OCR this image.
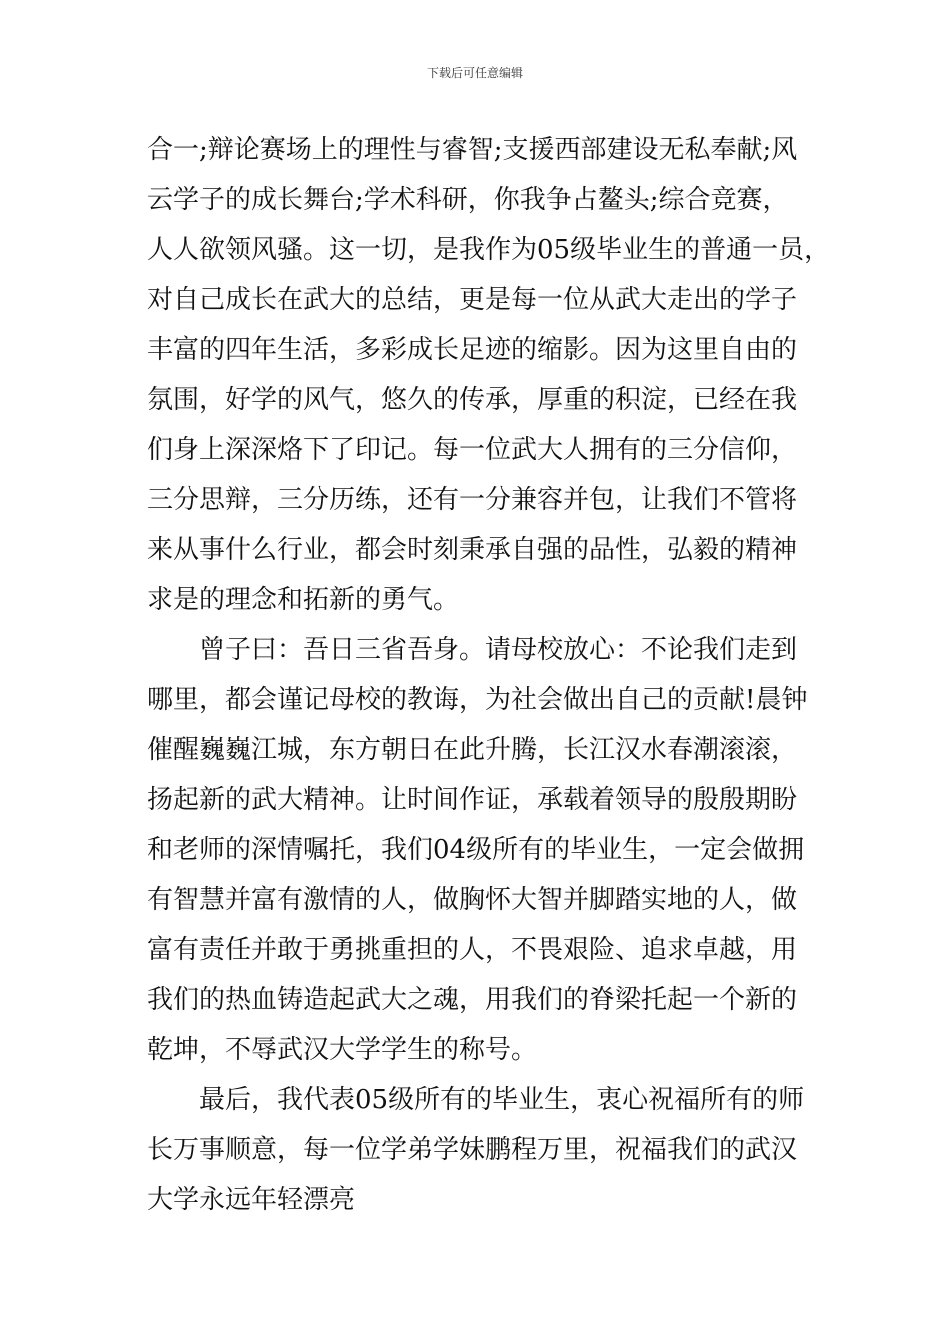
下载后可任意编辑
合一;辩论赛场上的理性与睿智;支援西部建设无私奉献;风
云学子的成长舞台;学术科研，你我争占鳌头;综合竞赛，
人人欲领风骚。这一切，是我作为05级毕业生的普通一员，
对自己成长在武大的总结，更是每一位从武大走出的学子
丰富的四年生活，多彩成长足迹的缩影。因为这里自由的
氛围，好学的风气，悠久的传承，厚重的积淀，已经在我
们身上深深烙下了印记。每一位武大人拥有的三分信仰，
三分思辩，三分历练，还有一分兼容并包，让我们不管将
来从事什么行业，都会时刻秉承自强的品性，弘毅的精神
求是的理念和拓新的勇气。
曾子曰：吾日三省吾身。请母校放心：不论我们走到
哪里，都会谨记母校的教诲，为社会做出自己的贡献!晨钟
催醒巍巍江城，东方朝日在此升腾，长江汉水春潮滚滚，
扬起新的武大精神。让时间作证，承载着领导的殷殷期盼
和老师的深情嘱托，我们04级所有的毕业生，一定会做拥
有智慧并富有激情的人，做胸怀大智并脚踏实地的人，做
富有责任并敢于勇挑重担的人，不畏艰险、追求卓越，用
我们的热血铸造起武大之魂，用我们的脊梁托起一个新的
乾坤，不辱武汉大学学生的称号。
最后，我代表05级所有的毕业生，衷心祝福所有的师
长万事顺意，每一位学弟学妹鹏程万里，祝福我们的武汉
大学永远年轻漂亮
